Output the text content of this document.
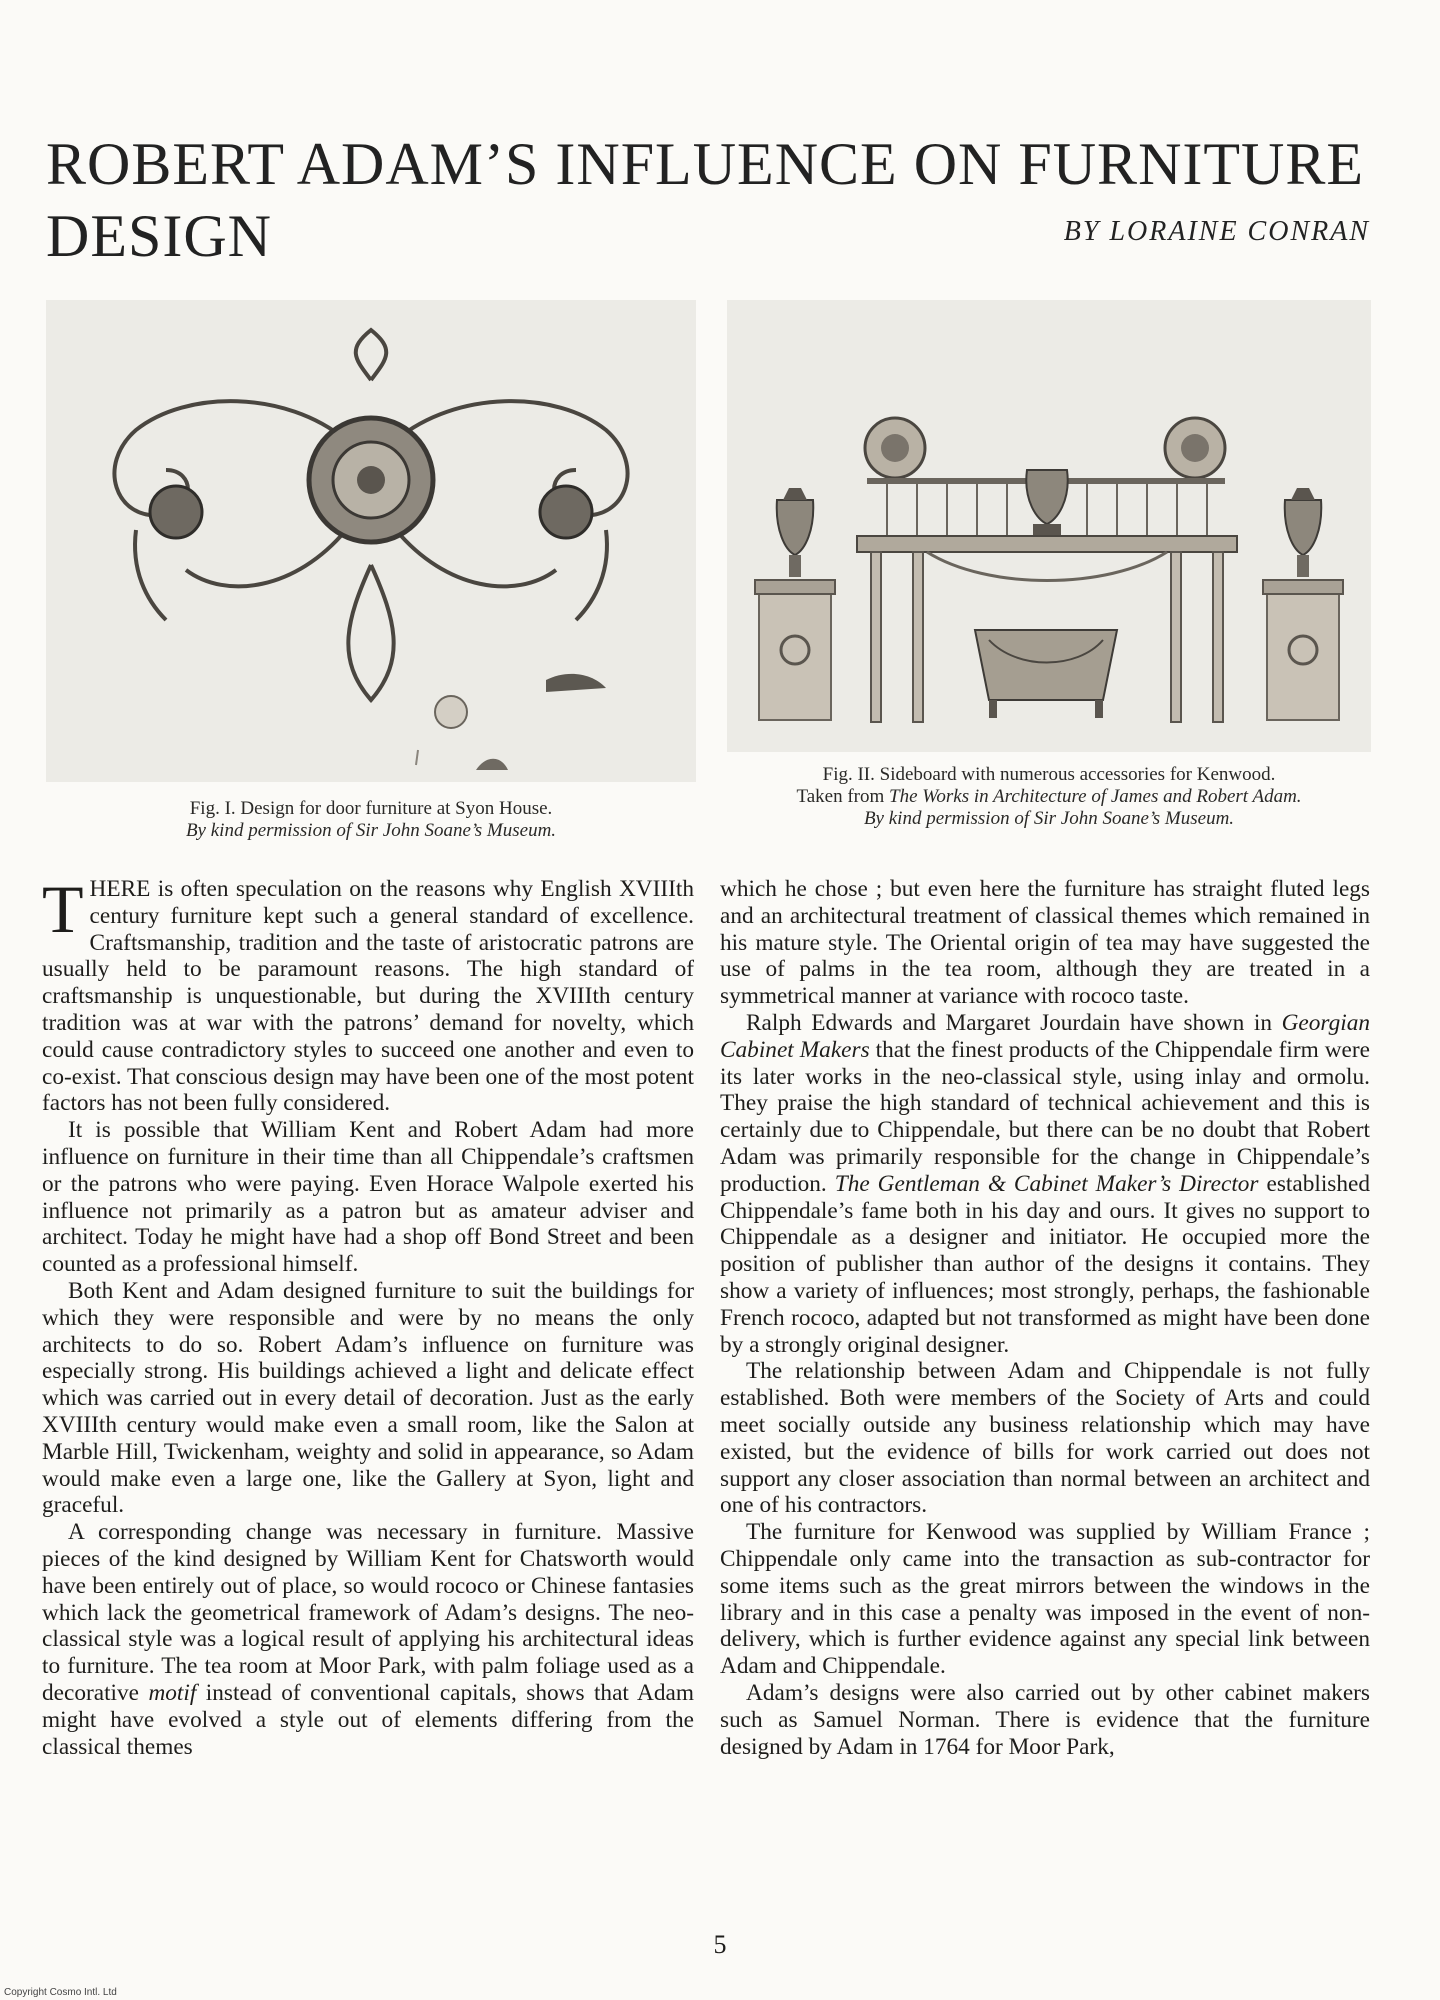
ROBERT ADAM’S INFLUENCE ON FURNITURE DESIGN	BY LORAINE CONRAN
Fig. I. Design for door furniture at Syon House.
By kind permission of Sir John Soane’s Museum.
Fig. II. Sideboard with numerous accessories for Kenwood.
Taken from The Works in Architecture of James and Robert Adam.
By kind permission of Sir John Soane’s Museum.

THERE is often speculation on the reasons why English XVIIIth century furniture kept such a general standard of excellence. Craftsmanship, tradition and the taste of aristocratic patrons are usually held to be paramount reasons. The high standard of craftsmanship is unquestionable, but during the XVIIIth century tradition was at war with the patrons’ demand for novelty, which could cause contradictory styles to succeed one another and even to co-exist. That conscious design may have been one of the most potent factors has not been fully considered.

It is possible that William Kent and Robert Adam had more influence on furniture in their time than all Chippendale’s craftsmen or the patrons who were paying. Even Horace Walpole exerted his influence not primarily as a patron but as amateur adviser and architect. Today he might have had a shop off Bond Street and been counted as a professional himself.

Both Kent and Adam designed furniture to suit the buildings for which they were responsible and were by no means the only architects to do so. Robert Adam’s influence on furniture was especially strong. His buildings achieved a light and delicate effect which was carried out in every detail of decoration. Just as the early XVIIIth century would make even a small room, like the Salon at Marble Hill, Twickenham, weighty and solid in appearance, so Adam would make even a large one, like the Gallery at Syon, light and graceful.

A corresponding change was necessary in furniture. Massive pieces of the kind designed by William Kent for Chatsworth would have been entirely out of place, so would rococo or Chinese fantasies which lack the geometrical framework of Adam’s designs. The neo-classical style was a logical result of applying his architectural ideas to furniture. The tea room at Moor Park, with palm foliage used as a decorative motif instead of conventional capitals, shows that Adam might have evolved a style out of elements differing from the classical themes

which he chose ; but even here the furniture has straight fluted legs and an architectural treatment of classical themes which remained in his mature style. The Oriental origin of tea may have suggested the use of palms in the tea room, although they are treated in a symmetrical manner at variance with rococo taste.

Ralph Edwards and Margaret Jourdain have shown in Georgian Cabinet Makers that the finest products of the Chippendale firm were its later works in the neo-classical style, using inlay and ormolu. They praise the high standard of technical achievement and this is certainly due to Chippendale, but there can be no doubt that Robert Adam was primarily responsible for the change in Chippendale’s production. The Gentleman & Cabinet Maker’s Director established Chippendale’s fame both in his day and ours. It gives no support to Chippendale as a designer and initiator. He occupied more the position of publisher than author of the designs it contains. They show a variety of influences; most strongly, perhaps, the fashionable French rococo, adapted but not transformed as might have been done by a strongly original designer.

The relationship between Adam and Chippendale is not fully established. Both were members of the Society of Arts and could meet socially outside any business relationship which may have existed, but the evidence of bills for work carried out does not support any closer association than normal between an architect and one of his contractors.

The furniture for Kenwood was supplied by William France ; Chippendale only came into the transaction as sub-contractor for some items such as the great mirrors between the windows in the library and in this case a penalty was imposed in the event of non-delivery, which is further evidence against any special link between Adam and Chippendale.

Adam’s designs were also carried out by other cabinet makers such as Samuel Norman. There is evidence that the furniture designed by Adam in 1764 for Moor Park,

5
Copyright Cosmo Intl. Ltd
